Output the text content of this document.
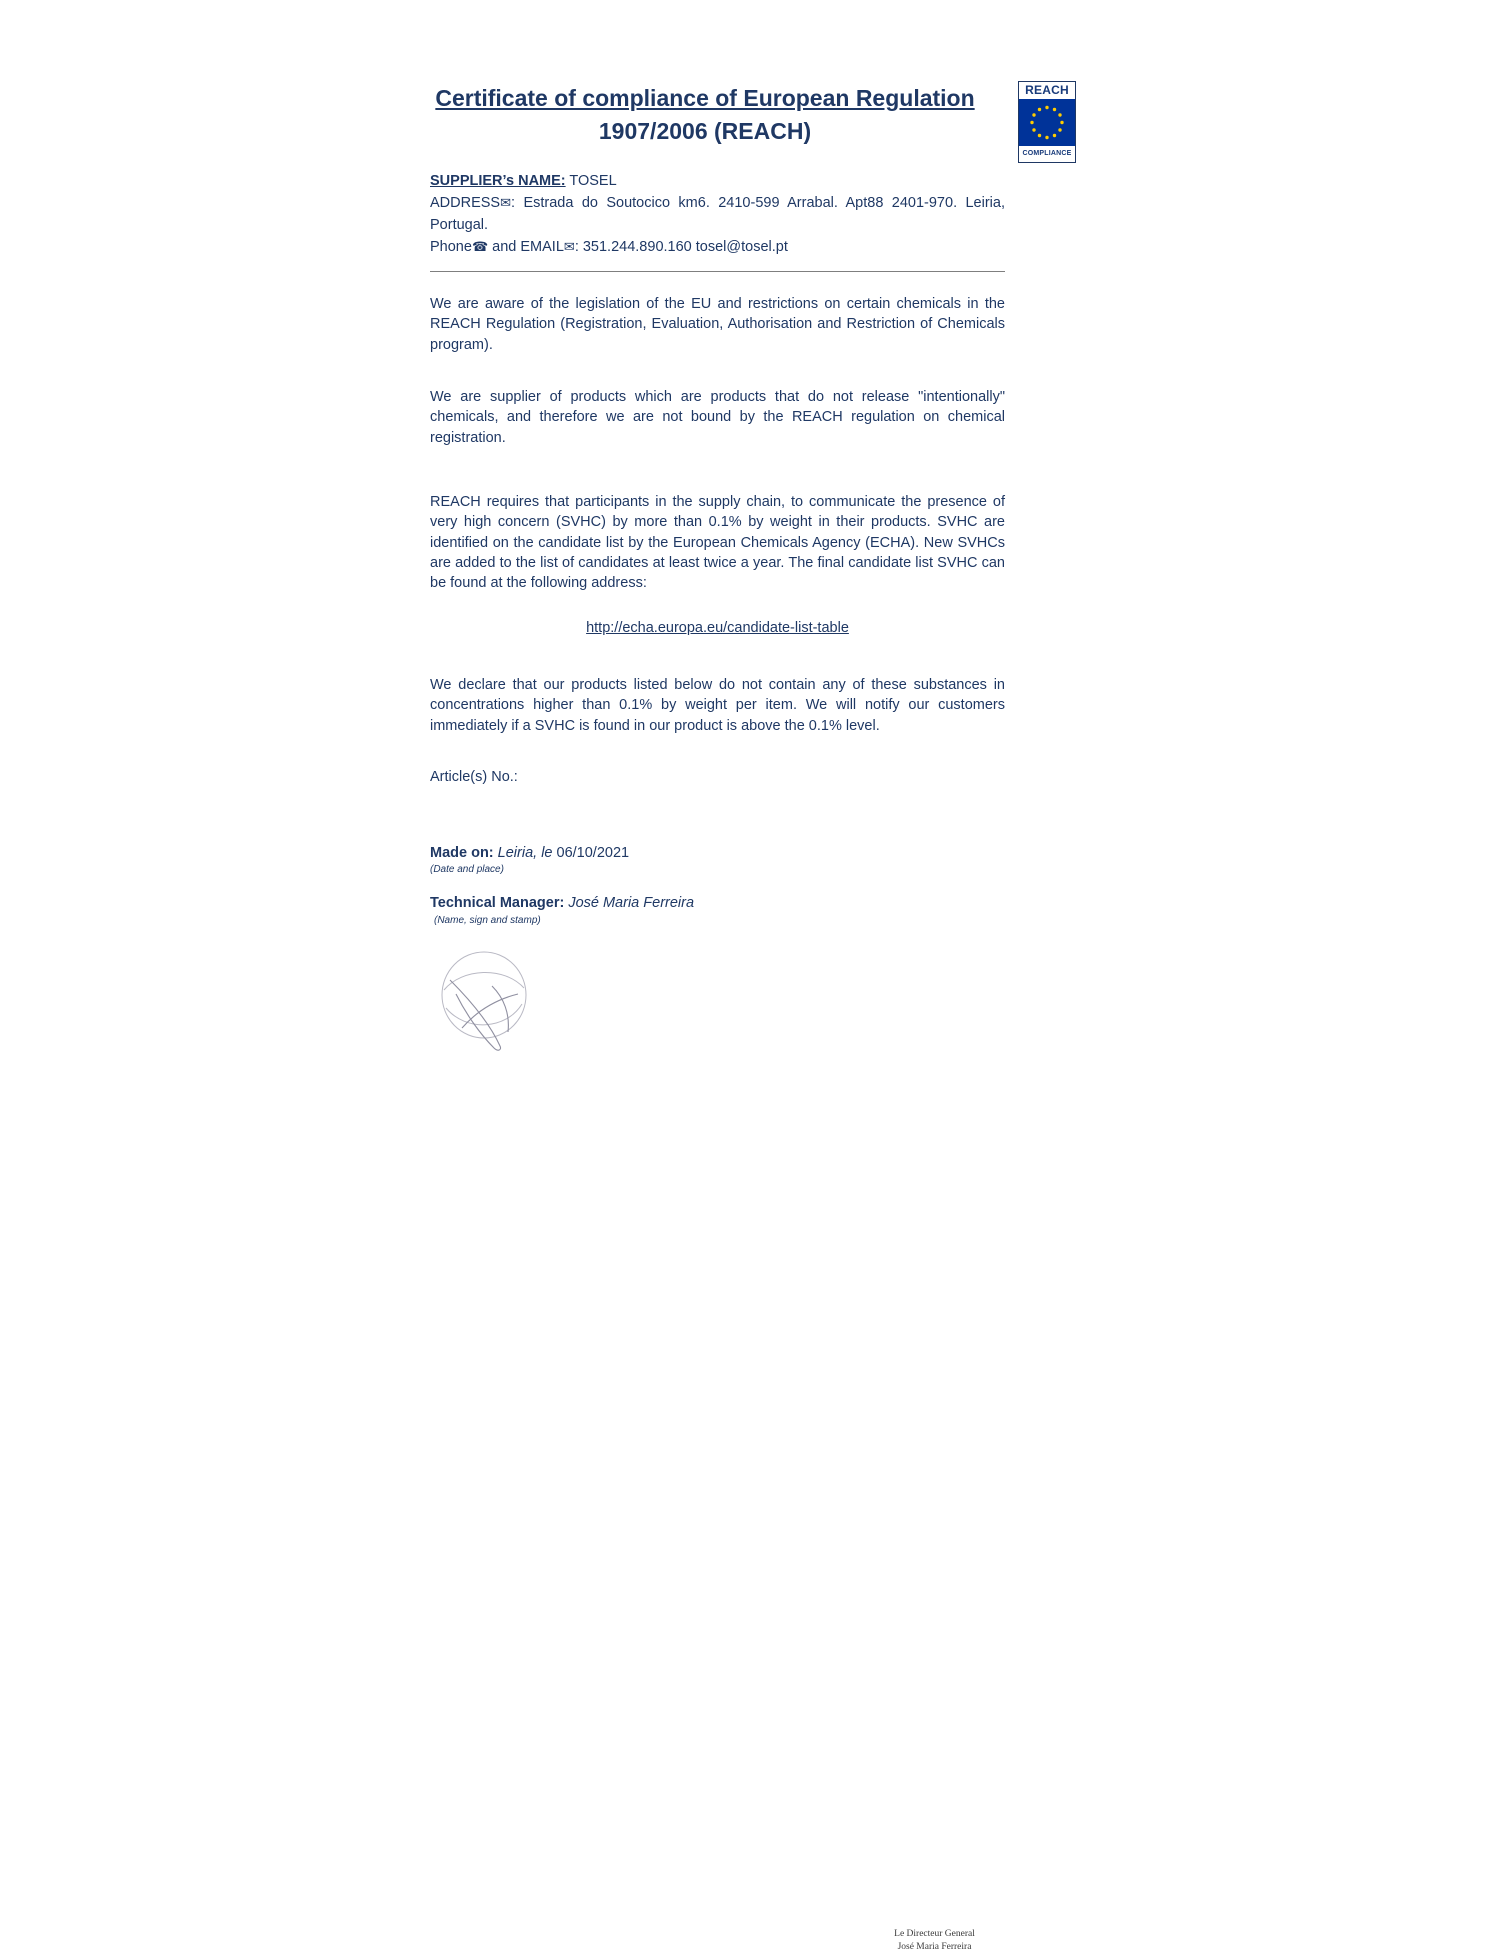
Certificate of compliance of European Regulation
1907/2006 (REACH)
REACH
COMPLIANCE
SUPPLIER’s NAME: TOSEL
ADDRESS✉: Estrada do Soutocico km6. 2410-599 Arrabal. Apt88 2401-970. Leiria, Portugal.
Phone☎ and EMAIL✉: 351.244.890.160 tosel@tosel.pt
We are aware of the legislation of the EU and restrictions on certain chemicals in the REACH Regulation (Registration, Evaluation, Authorisation and Restriction of Chemicals program).
We are supplier of products which are products that do not release "intentionally" chemicals, and therefore we are not bound by the REACH regulation on chemical registration.
REACH requires that participants in the supply chain, to communicate the presence of very high concern (SVHC) by more than 0.1% by weight in their products. SVHC are identified on the candidate list by the European Chemicals Agency (ECHA). New SVHCs are added to the list of candidates at least twice a year. The final candidate list SVHC can be found at the following address:
http://echa.europa.eu/candidate-list-table
We declare that our products listed below do not contain any of these substances in concentrations higher than 0.1% by weight per item. We will notify our customers immediately if a SVHC is found in our product is above the 0.1% level.
Article(s) No.:
Made on: Leiria, le 06/10/2021
(Date and place)
Technical Manager: José Maria Ferreira
(Name, sign and stamp)
Le Directeur General
José Maria Ferreira
